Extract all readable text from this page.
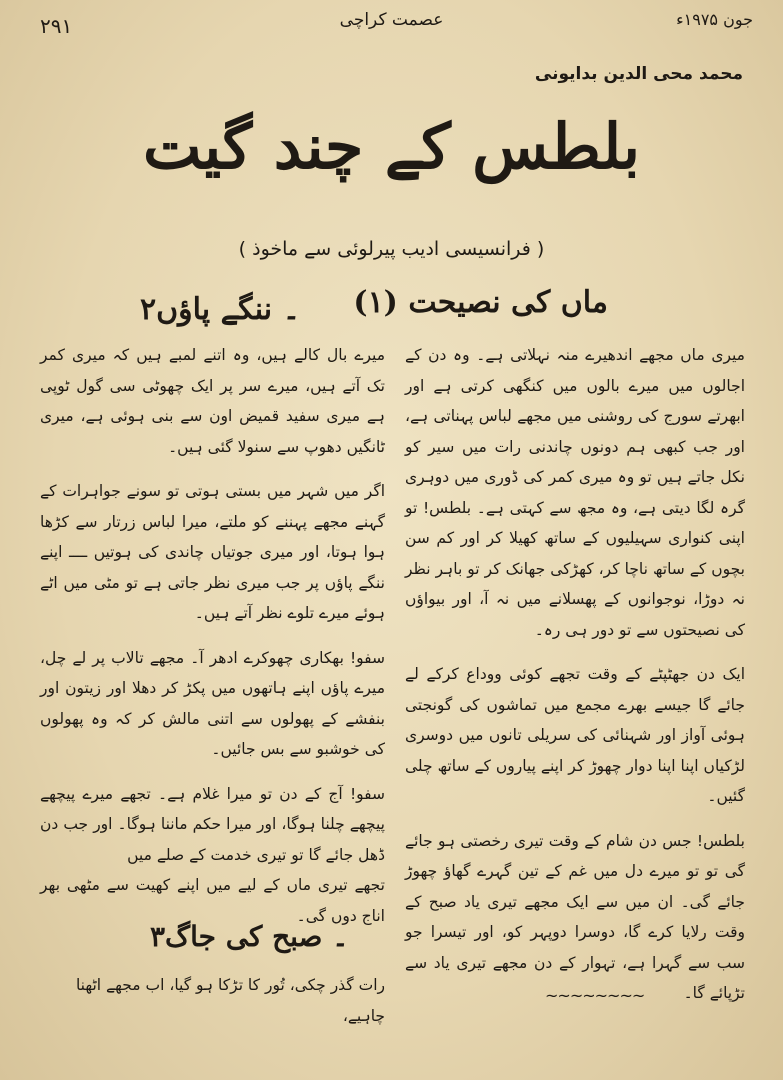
۲۹۱	عصمت کراچی	جون ۱۹۷۵ء
محمد محی الدین بدایونی
بلطس کے چند گیت
( فرانسیسی ادیب پیرلوئی سے ماخوذ )
(۱) ماں کی نصیحت

میری ماں مجھے اندھیرے منہ نہلاتی ہے۔ وہ دن کے اجالوں میں میرے بالوں میں کنگھی کرتی ہے اور ابھرتے سورج کی روشنی میں مجھے لباس پہناتی ہے، اور جب کبھی ہم دونوں چاندنی رات میں سیر کو نکل جاتے ہیں تو وہ میری کمر کی ڈوری میں دوہری گرہ لگا دیتی ہے، وہ مجھ سے کہتی ہے۔ بلطس! تو اپنی کنواری سہیلیوں کے ساتھ کھیلا کر اور کم سن بچوں کے ساتھ ناچا کر، کھڑکی جھانک کر تو باہر نظر نہ دوڑا، نوجوانوں کے پھسلانے میں نہ آ، اور بیواؤں کی نصیحتوں سے تو دور ہی رہ۔

ایک دن جھٹپٹے کے وقت تجھے کوئی ووداع کرکے لے جائے گا جیسے بھرے مجمع میں تماشوں کی گونجتی ہوئی آواز اور شہنائی کی سریلی تانوں میں دوسری لڑکیاں اپنا اپنا دوار چھوڑ کر اپنے پیاروں کے ساتھ چلی گئیں۔

بلطس! جس دن شام کے وقت تیری رخصتی ہو جائے گی تو تو میرے دل میں غم کے تین گہرے گھاؤ چھوڑ جائے گی۔ ان میں سے ایک مجھے تیری یاد صبح کے وقت رلایا کرے گا، دوسرا دوپہر کو، اور تیسرا جو سب سے گہرا ہے، تہوار کے دن مجھے تیری یاد سے تڑپائے گا۔

~~~~~~~~
۲۔ ننگے پاؤں

میرے بال کالے ہیں، وہ اتنے لمبے ہیں کہ میری کمر تک آتے ہیں، میرے سر پر ایک چھوٹی سی گول ٹوپی ہے میری سفید قمیض اون سے بنی ہوئی ہے، میری ٹانگیں دھوپ سے سنولا گئی ہیں۔

اگر میں شہر میں بستی ہوتی تو سونے جواہرات کے گہنے مجھے پہننے کو ملتے، میرا لباس زرتار سے کڑھا ہوا ہوتا، اور میری جوتیاں چاندی کی ہوتیں ــــ اپنے ننگے پاؤں پر جب میری نظر جاتی ہے تو مٹی میں اٹے ہوئے میرے تلوے نظر آتے ہیں۔

سفو! بھکاری چھوکرے ادھر آ۔ مجھے تالاب پر لے چل، میرے پاؤں اپنے ہاتھوں میں پکڑ کر دھلا اور زیتون اور بنفشے کے پھولوں سے اتنی مالش کر کہ وہ پھولوں کی خوشبو سے بس جائیں۔

سفو! آج کے دن تو میرا غلام ہے۔ تجھے میرے پیچھے پیچھے چلنا ہوگا، اور میرا حکم ماننا ہوگا۔ اور جب دن ڈھل جائے گا تو تیری خدمت کے صلے میں

تجھے تیری ماں کے لیے میں اپنے کھیت سے مٹھی بھر اناج دوں گی۔

۳۔ صبح کی جاگ
رات گذر چکی، تُور کا تڑکا ہو گیا، اب مجھے اٹھنا چاہیے،
